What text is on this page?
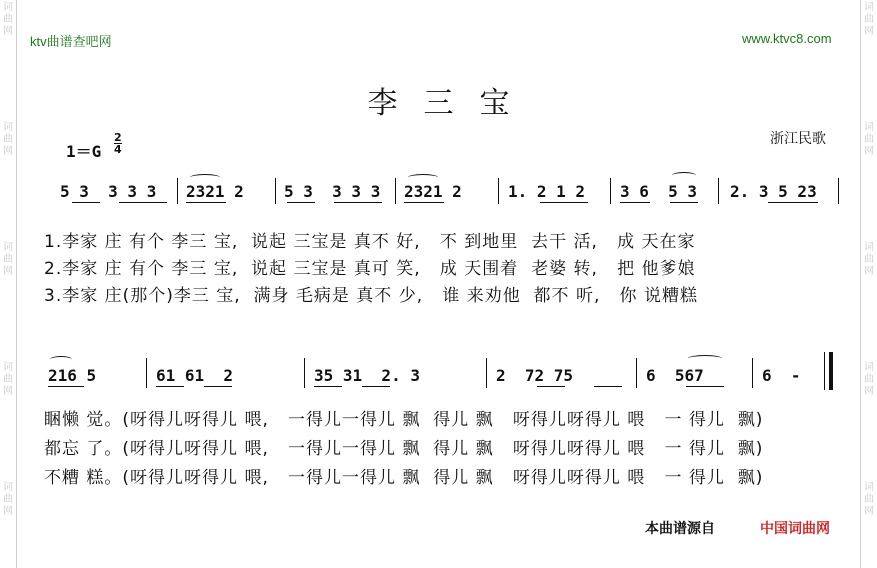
词
曲
网
词
曲
网
词
曲
网
词
曲
网
词
曲
网
词
曲
网
词
曲
网
词
曲
网
词
曲
网
词
曲
网
ktv曲谱查吧网	www.ktvc8.com
李三宝
1＝G
2
4
浙江民歌
5 3  3 3 3 2321 2	5 3  3 3 3 2321 2	1. 2 1 2 3 6  5 3 2. 3 5 23
1.李家 庄 有个 李三 宝,  说起 三宝是 真不 好,   不 到地里  去干 活,   成 天在家
2.李家 庄 有个 李三 宝,  说起 三宝是 真可 笑,   成 天围着  老婆 转,   把 他爹娘
3.李家 庄(那个)李三 宝,  满身 毛病是 真不 少,   谁 来劝他  都不 听,   你 说糟糕
216 5	61 61  2	35 31  2. 3	2  72 75	6  567	6  -
睏懒 觉。(呀得儿呀得儿 喂,   一得儿一得儿 飘  得儿 飘   呀得儿呀得儿 喂   一 得儿  飘)
都忘 了。(呀得儿呀得儿 喂,   一得儿一得儿 飘  得儿 飘   呀得儿呀得儿 喂   一 得儿  飘)
不糟 糕。(呀得儿呀得儿 喂,   一得儿一得儿 飘  得儿 飘   呀得儿呀得儿 喂   一 得儿  飘)
本曲谱源自	中国词曲网
